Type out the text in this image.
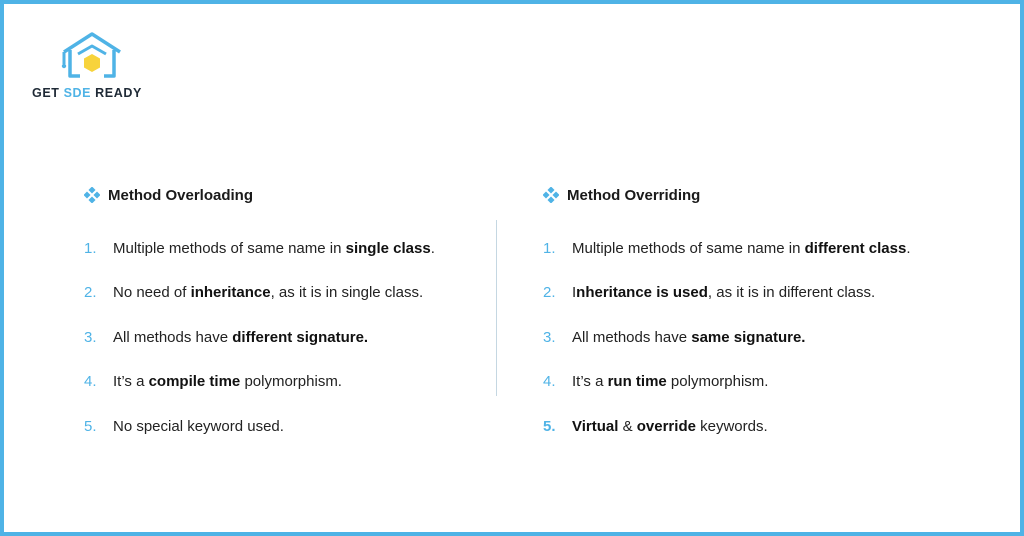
GET SDE READY
Method Overloading
1.	Multiple methods of same name in single class.
2.	No need of inheritance, as it is in single class.
3.	All methods have different signature.
4.	It’s a compile time polymorphism.
5.	No special keyword used.
Method Overriding
1.	Multiple methods of same name in different class.
2.	Inheritance is used, as it is in different class.
3.	All methods have same signature.
4.	It’s a run time polymorphism.
5.	Virtual & override keywords.
